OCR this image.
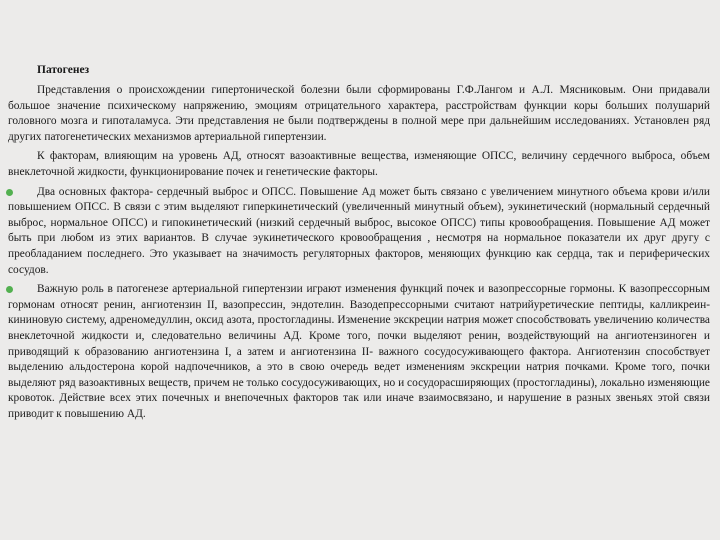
Патогенез

Представления о происхождении гипертонической болезни были сформированы Г.Ф.Лангом и А.Л. Мясниковым. Они придавали большое значение психическому напряжению, эмоциям отрицательного характера, расстройствам функции коры больших полушарий головного мозга и гипоталамуса. Эти представления не были подтверждены в полной мере при дальнейшим исследованиях. Установлен ряд других патогенетических механизмов артериальной гипертензии.

К факторам, влияющим на уровень АД, относят вазоактивные вещества, изменяющие ОПСС, величину сердечного выброса, объем внеклеточной жидкости, функционирование почек и генетические факторы.

Два основных фактора- сердечный выброс и ОПСС. Повышение Ад может быть связано с увеличением минутного объема крови и/или повышением ОПСС. В связи с этим выделяют гиперкинетический (увеличенный минутный объем), эукинетический (нормальный сердечный выброс, нормальное ОПСС) и гипокинетический (низкий сердечный выброс, высокое ОПСС) типы кровообращения. Повышение АД может быть при любом из этих вариантов. В случае эукинетического кровообращения , несмотря на нормальное показатели их друг другу с преобладанием последнего. Это указывает на значимость регуляторных факторов, меняющих функцию как сердца, так и периферических сосудов.

Важную роль в патогенезе артериальной гипертензии играют изменения функций почек и вазопрессорные гормоны. К вазопрессорным гормонам относят ренин, ангиотензин II, вазопрессин, эндотелин. Вазодепрессорными считают натрийуретические пептиды, калликреин- кининовую систему, адреномедуллин, оксид азота, простогладины. Изменение экскреции натрия может способствовать увеличению количества внеклеточной жидкости и, следовательно величины АД. Кроме того, почки выделяют ренин, воздействующий на ангиотензиноген и приводящий к образованию ангиотензина I, а затем и ангиотензина II- важного сосудосуживающего фактора. Ангиотензин способствует выделению альдостерона корой надпочечников, а это в свою очередь ведет изменениям экскреции натрия почками. Кроме того, почки выделяют ряд вазоактивных веществ, причем не только сосудосуживающих, но и сосудорасширяющих (простогладины), локально изменяющие кровоток. Действие всех этих почечных и внепочечных факторов так или иначе взаимосвязано, и нарушение в разных звеньях этой связи приводит к повышению АД.
